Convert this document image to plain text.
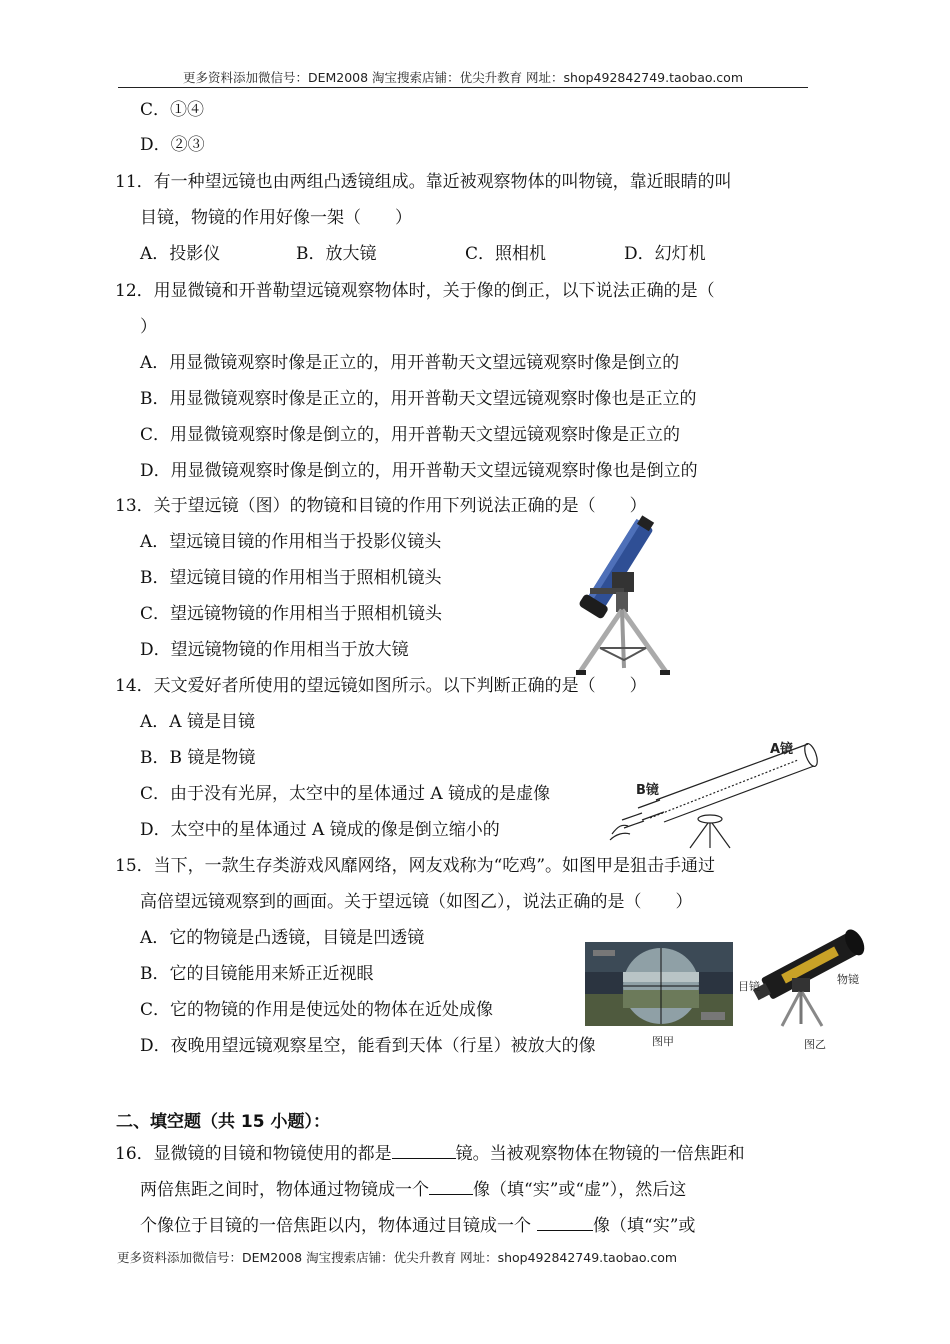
更多资料添加微信号：DEM2008 淘宝搜索店铺：优尖升教育 网址：shop492842749.taobao.com
C．①④
D．②③
11．有一种望远镜也由两组凸透镜组成。靠近被观察物体的叫物镜，靠近眼睛的叫
目镜，物镜的作用好像一架（　　）
A．投影仪	B．放大镜	C．照相机	D．幻灯机
12．用显微镜和开普勒望远镜观察物体时，关于像的倒正，以下说法正确的是（
）
A．用显微镜观察时像是正立的，用开普勒天文望远镜观察时像是倒立的
B．用显微镜观察时像是正立的，用开普勒天文望远镜观察时像也是正立的
C．用显微镜观察时像是倒立的，用开普勒天文望远镜观察时像是正立的
D．用显微镜观察时像是倒立的，用开普勒天文望远镜观察时像也是倒立的
13．关于望远镜（图）的物镜和目镜的作用下列说法正确的是（　　）
A．望远镜目镜的作用相当于投影仪镜头
B．望远镜目镜的作用相当于照相机镜头
C．望远镜物镜的作用相当于照相机镜头
D．望远镜物镜的作用相当于放大镜
14．天文爱好者所使用的望远镜如图所示。以下判断正确的是（　　）
A．A 镜是目镜
B．B 镜是物镜
C．由于没有光屏，太空中的星体通过 A 镜成的是虚像
D．太空中的星体通过 A 镜成的像是倒立缩小的
A镜
B镜
15．当下，一款生存类游戏风靡网络，网友戏称为“吃鸡”。如图甲是狙击手通过
高倍望远镜观察到的画面。关于望远镜（如图乙），说法正确的是（　　）
A．它的物镜是凸透镜，目镜是凹透镜
B．它的目镜能用来矫正近视眼
C．它的物镜的作用是使远处的物体在近处成像
D．夜晚用望远镜观察星空，能看到天体（行星）被放大的像
目镜
物镜
图甲	图乙
二、填空题（共 15 小题）：
16．显微镜的目镜和物镜使用的都是	镜。当被观察物体在物镜的一倍焦距和
两倍焦距之间时，物体通过物镜成一个	像（填“实”或“虚”），然后这
个像位于目镜的一倍焦距以内，物体通过目镜成一个	像（填“实”或
更多资料添加微信号：DEM2008 淘宝搜索店铺：优尖升教育 网址：shop492842749.taobao.com
